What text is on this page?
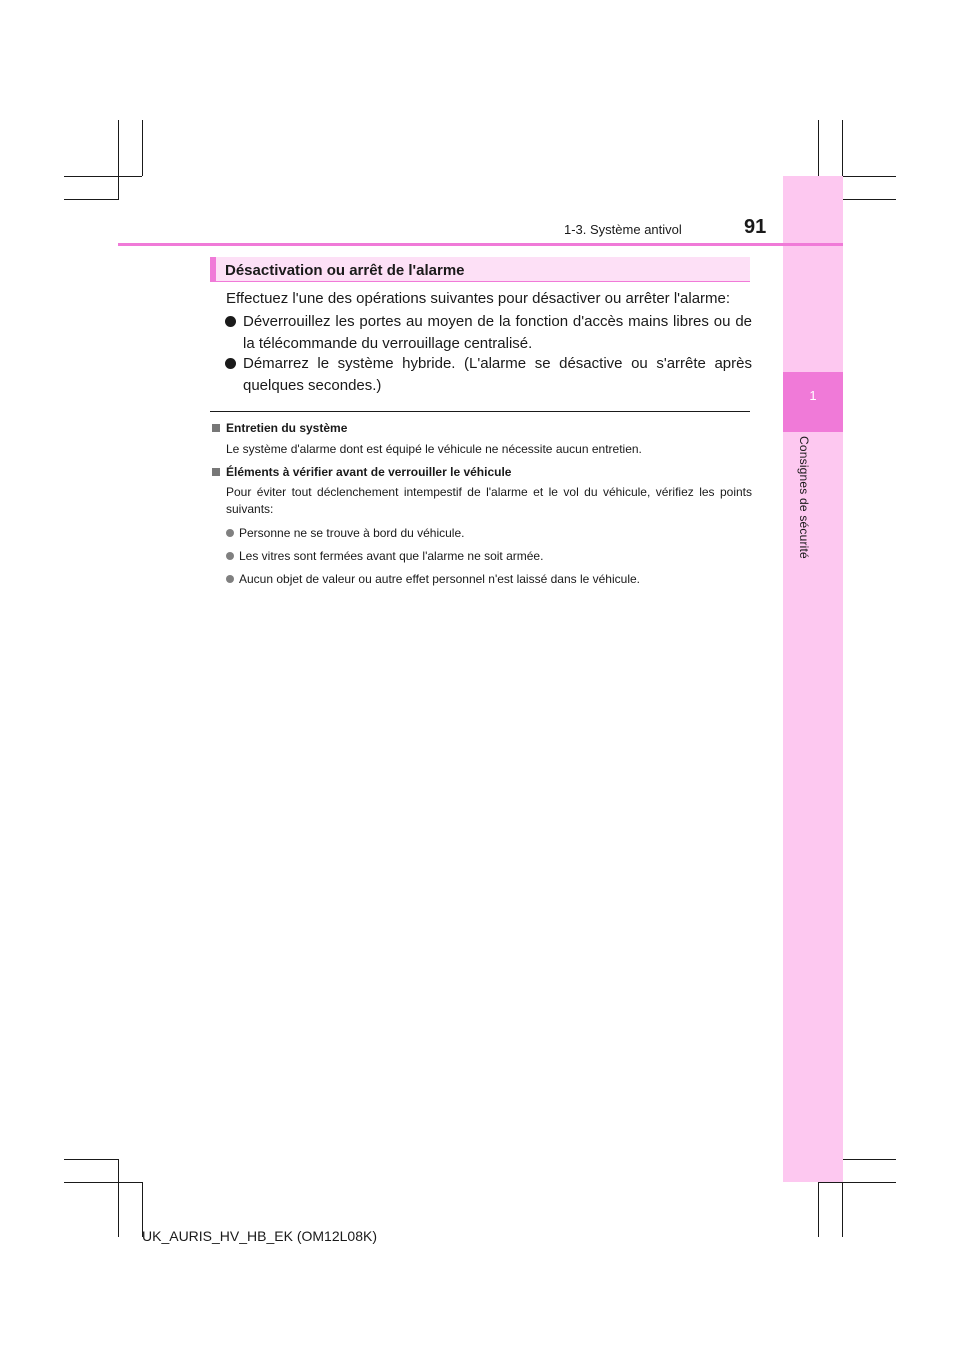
1
Consignes de sécurité
1-3. Système antivol	91
Désactivation ou arrêt de l'alarme
Effectuez l'une des opérations suivantes pour désactiver ou arrêter l'alarme:
Déverrouillez les portes au moyen de la fonction d'accès mains libres ou de la télécommande du verrouillage centralisé.
Démarrez le système hybride. (L'alarme se désactive ou s'arrête après quelques secondes.)
Entretien du système
Le système d'alarme dont est équipé le véhicule ne nécessite aucun entretien.
Éléments à vérifier avant de verrouiller le véhicule
Pour éviter tout déclenchement intempestif de l'alarme et le vol du véhicule, vérifiez les points suivants:
Personne ne se trouve à bord du véhicule.
Les vitres sont fermées avant que l'alarme ne soit armée.
Aucun objet de valeur ou autre effet personnel n'est laissé dans le véhicule.
UK_AURIS_HV_HB_EK (OM12L08K)
